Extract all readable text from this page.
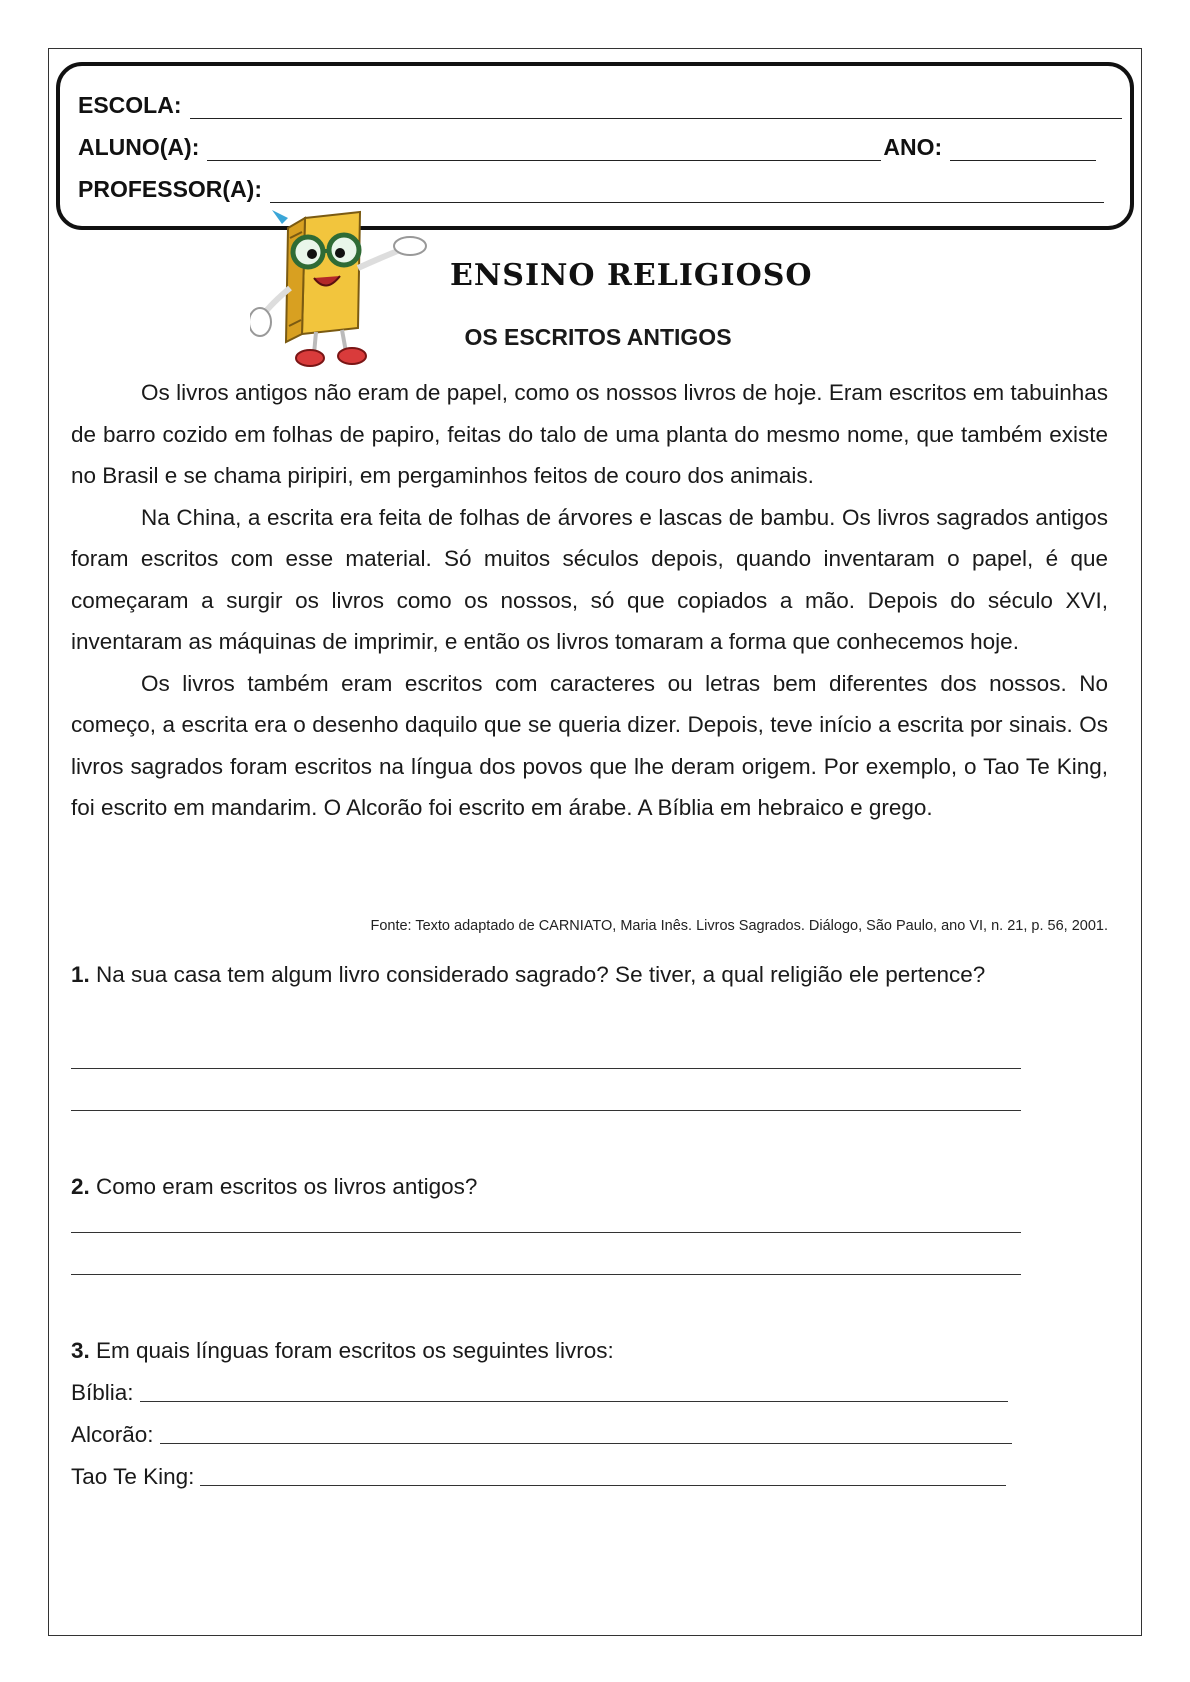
ESCOLA:
ALUNO(A):	ANO:
PROFESSOR(A):
ENSINO RELIGIOSO
OS ESCRITOS ANTIGOS

Os livros antigos não eram de papel, como os nossos livros de hoje. Eram escritos em tabuinhas de barro cozido em folhas de papiro, feitas do talo de uma planta do mesmo nome, que também existe no Brasil e se chama piripiri, em pergaminhos feitos de couro dos animais.

Na China, a escrita era feita de folhas de árvores e lascas de bambu. Os livros sagrados antigos foram escritos com esse material. Só muitos séculos depois, quando inventaram o papel, é que começaram a surgir os livros como os nossos, só que copiados a mão. Depois do século XVI, inventaram as máquinas de imprimir, e então os livros tomaram a forma que conhecemos hoje.

Os livros também eram escritos com caracteres ou letras bem diferentes dos nossos. No começo, a escrita era o desenho daquilo que se queria dizer. Depois, teve início a escrita por sinais. Os livros sagrados foram escritos na língua dos povos que lhe deram origem. Por exemplo, o Tao Te King, foi escrito em mandarim. O Alcorão foi escrito em árabe. A Bíblia em hebraico e grego.

Fonte: Texto adaptado de CARNIATO, Maria Inês. Livros Sagrados. Diálogo, São Paulo, ano VI, n. 21, p. 56, 2001.
1. Na sua casa tem algum livro considerado sagrado? Se tiver, a qual religião ele pertence?
2. Como eram escritos os livros antigos?
3. Em quais línguas foram escritos os seguintes livros:
Bíblia:
Alcorão:
Tao Te King:
